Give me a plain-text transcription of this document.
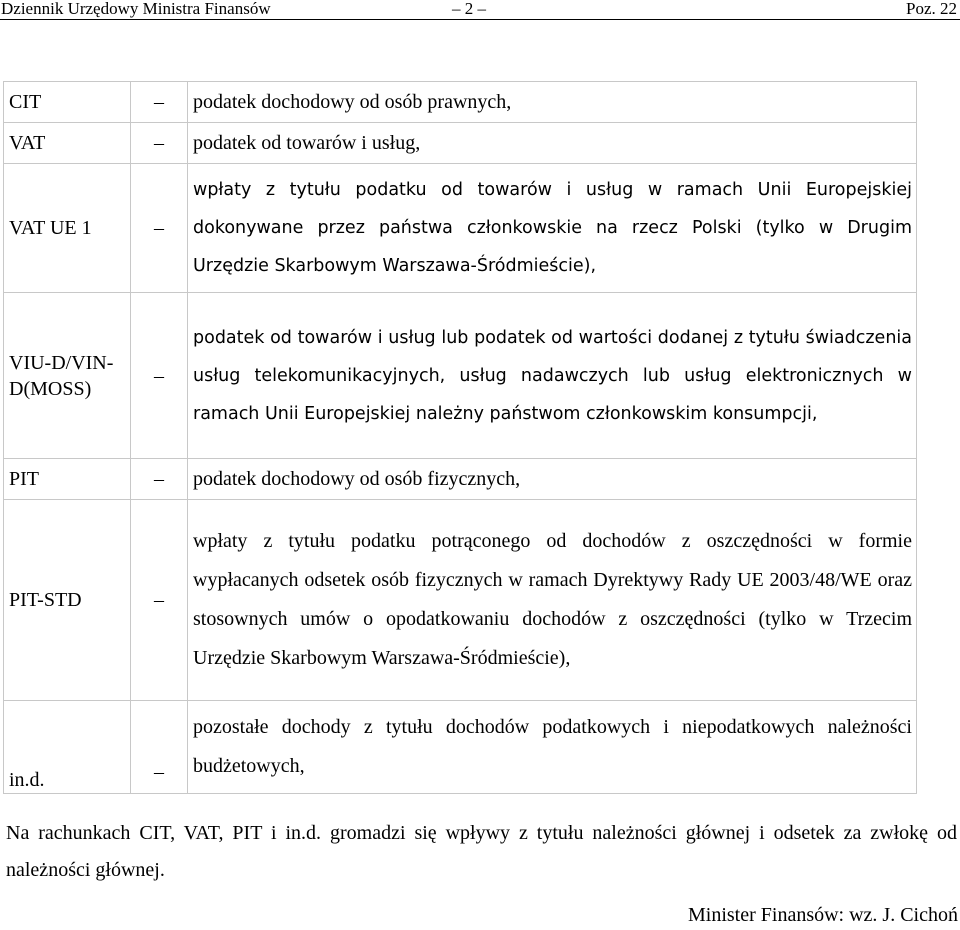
Dziennik Urzędowy Ministra Finansów	– 2 –	Poz. 22
CIT	–	podatek dochodowy od osób prawnych,
VAT	–	podatek od towarów i usług,
VAT UE 1	–	wpłaty z tytułu podatku od towarów i usług w ramach Unii Europejskiej dokonywane przez państwa członkowskie na rzecz Polski (tylko w Drugim Urzędzie Skarbowym Warszawa-Śródmieście),
VIU-D/VIN-D(MOSS)	–	podatek od towarów i usług lub podatek od wartości dodanej z tytułu świadczenia usług telekomunikacyjnych, usług nadawczych lub usług elektronicznych w ramach Unii Europejskiej należny państwom członkowskim konsumpcji,
PIT	–	podatek dochodowy od osób fizycznych,
PIT-STD	–	wpłaty z tytułu podatku potrąconego od dochodów z oszczędności w formie wypłacanych odsetek osób fizycznych w ramach Dyrektywy Rady UE 2003/48/WE oraz stosownych umów o opodatkowaniu dochodów z oszczędności (tylko w Trzecim Urzędzie Skarbowym Warszawa-Śródmieście),
in.d.	–	pozostałe dochody z tytułu dochodów podatkowych i niepodatkowych należności budżetowych,
Na rachunkach CIT, VAT, PIT i in.d. gromadzi się wpływy z tytułu należności głównej i odsetek za zwłokę od należności głównej.
Minister Finansów: wz. J. Cichoń
